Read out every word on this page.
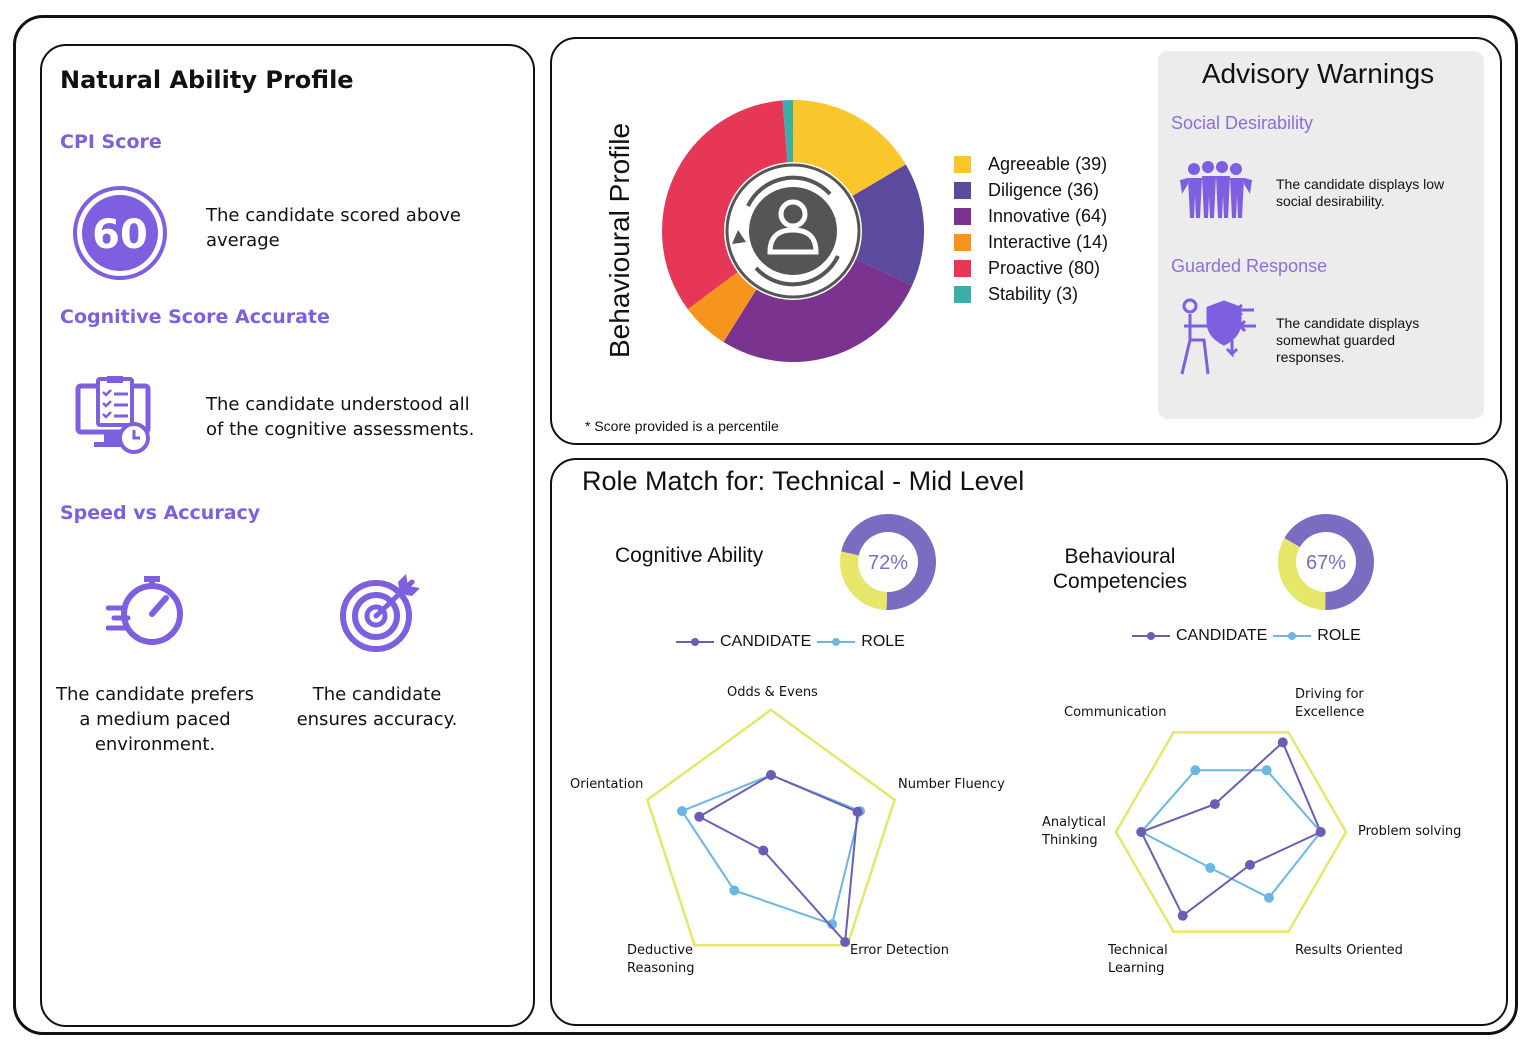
Natural Ability Profile
CPI Score
60	The candidate scored above
average
Cognitive Score Accurate
The candidate understood all
of the cognitive assessments.
Speed vs Accuracy
The candidate prefers
a medium paced
environment.
The candidate
ensures accuracy.
Behavioural Profile	Agreeable (39)
Diligence (36)
Innovative (64)
Interactive (14)
Proactive (80)
Stability (3)
* Score provided is a percentile
Advisory Warnings
Social Desirability
The candidate displays low
social desirability.
Guarded Response
The candidate displays
somewhat guarded
responses.
Role Match for: Technical - Mid Level
Cognitive Ability	72%	Behavioural
Competencies
67%
CANDIDATE	ROLE	CANDIDATE	ROLE
Odds & Evens
Number Fluency
Error Detection
Deductive
Reasoning
Orientation
Driving for
Excellence
Problem solving
Results Oriented
Technical
Learning
Analytical
Thinking
Communication
